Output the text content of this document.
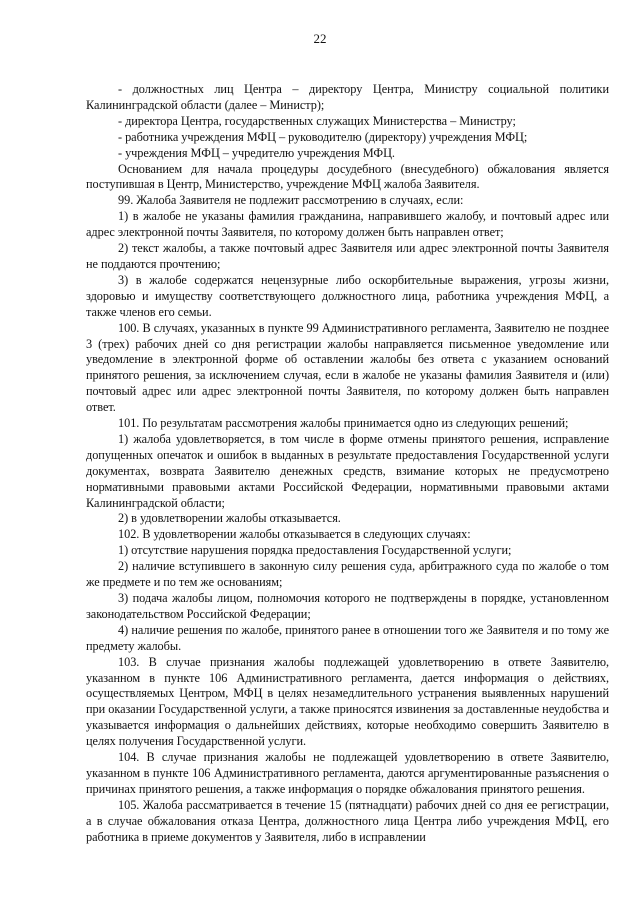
22

- должностных лиц Центра – директору Центра, Министру социальной политики Калининградской области (далее – Министр);

- директора Центра, государственных служащих Министерства – Министру;

- работника учреждения МФЦ – руководителю (директору) учреждения МФЦ;

- учреждения МФЦ – учредителю учреждения МФЦ.

Основанием для начала процедуры досудебного (внесудебного) обжалования является поступившая в Центр, Министерство, учреждение МФЦ жалоба Заявителя.

99. Жалоба Заявителя не подлежит рассмотрению в случаях, если:

1) в жалобе не указаны фамилия гражданина, направившего жалобу, и почтовый адрес или адрес электронной почты Заявителя, по которому должен быть направлен ответ;

2) текст жалобы, а также почтовый адрес Заявителя или адрес электронной почты Заявителя не поддаются прочтению;

3) в жалобе содержатся нецензурные либо оскорбительные выражения, угрозы жизни, здоровью и имуществу соответствующего должностного лица, работника учреждения МФЦ, а также членов его семьи.

100. В случаях, указанных в пункте 99 Административного регламента, Заявителю не позднее 3 (трех) рабочих дней со дня регистрации жалобы направляется письменное уведомление или уведомление в электронной форме об оставлении жалобы без ответа с указанием оснований принятого решения, за исключением случая, если в жалобе не указаны фамилия Заявителя и (или) почтовый адрес или адрес электронной почты Заявителя, по которому должен быть направлен ответ.

101. По результатам рассмотрения жалобы принимается одно из следующих решений;

1) жалоба удовлетворяется, в том числе в форме отмены принятого решения, исправление допущенных опечаток и ошибок в выданных в результате предоставления Государственной услуги документах, возврата Заявителю денежных средств, взимание которых не предусмотрено нормативными правовыми актами Российской Федерации, нормативными правовыми актами Калининградской области;

2) в удовлетворении жалобы отказывается.

102. В удовлетворении жалобы отказывается в следующих случаях:

1) отсутствие нарушения порядка предоставления Государственной услуги;

2) наличие вступившего в законную силу решения суда, арбитражного суда по жалобе о том же предмете и по тем же основаниям;

3) подача жалобы лицом, полномочия которого не подтверждены в порядке, установленном законодательством Российской Федерации;

4) наличие решения по жалобе, принятого ранее в отношении того же Заявителя и по тому же предмету жалобы.

103. В случае признания жалобы подлежащей удовлетворению в ответе Заявителю, указанном в пункте 106 Административного регламента, дается информация о действиях, осуществляемых Центром, МФЦ в целях незамедлительного устранения выявленных нарушений при оказании Государственной услуги, а также приносятся извинения за доставленные неудобства и указывается информация о дальнейших действиях, которые необходимо совершить Заявителю в целях получения Государственной услуги.

104. В случае признания жалобы не подлежащей удовлетворению в ответе Заявителю, указанном в пункте 106 Административного регламента, даются аргументированные разъяснения о причинах принятого решения, а также информация о порядке обжалования принятого решения.

105. Жалоба рассматривается в течение 15 (пятнадцати) рабочих дней со дня ее регистрации, а в случае обжалования отказа Центра, должностного лица Центра либо учреждения МФЦ, его работника в приеме документов у Заявителя, либо в исправлении
